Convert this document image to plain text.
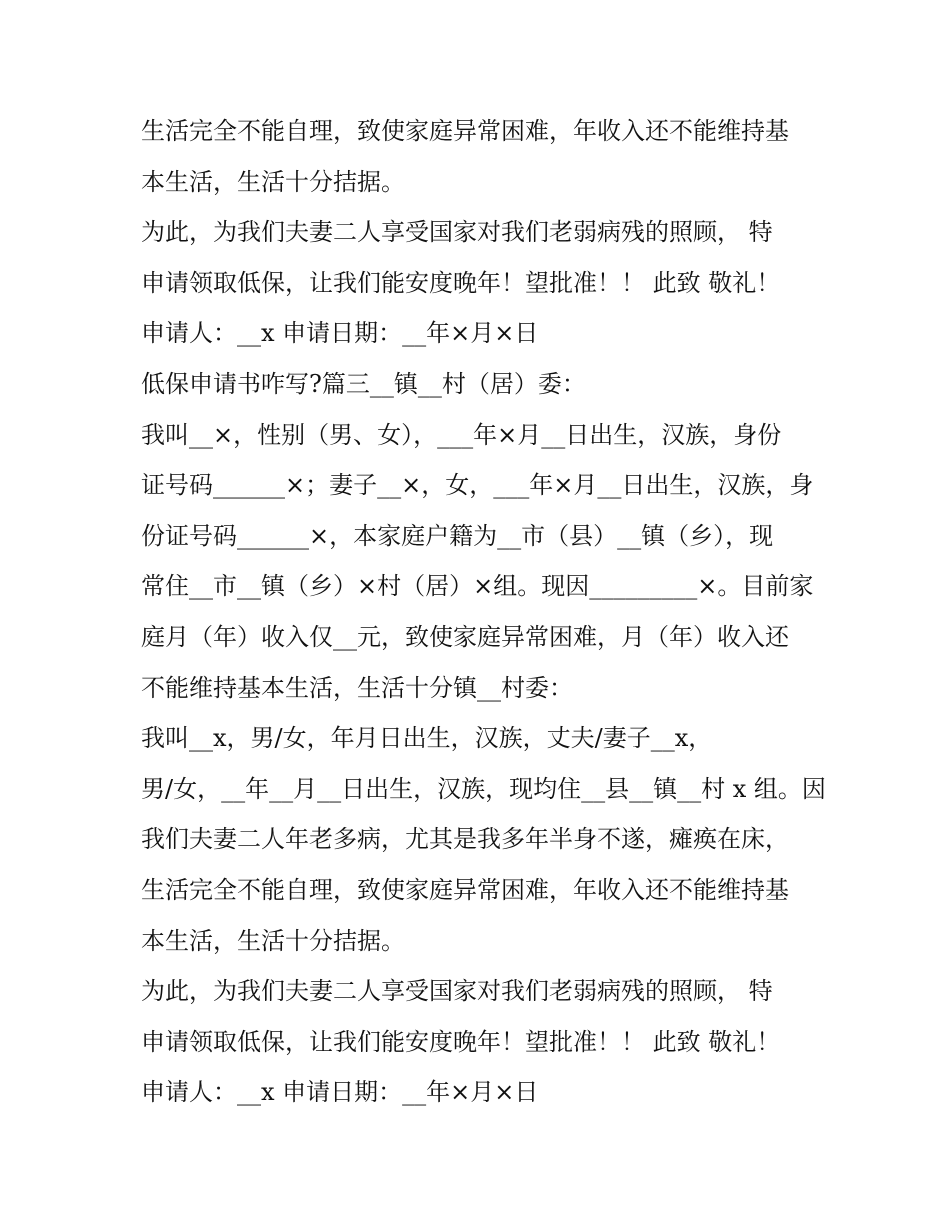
生活完全不能自理，致使家庭异常困难，年收入还不能维持基
本生活，生活十分拮据。
为此，为我们夫妻二人享受国家对我们老弱病残的照顾， 特
申请领取低保，让我们能安度晚年！望批准！！ 此致 敬礼！
申请人：__x 申请日期：__年×月×日
低保申请书咋写?篇三__镇__村（居）委：
我叫__×，性别（男、女），___年×月__日出生，汉族，身份
证号码______×；妻子__×，女，___年×月__日出生，汉族，身
份证号码______×，本家庭户籍为__市（县）__镇（乡），现
常住__市__镇（乡）×村（居）×组。现因_________×。目前家
庭月（年）收入仅__元，致使家庭异常困难，月（年）收入还
不能维持基本生活，生活十分镇__村委：
我叫__x，男/女，年月日出生，汉族，丈夫/妻子__x，
男/女，__年__月__日出生，汉族，现均住__县__镇__村 x 组。因
我们夫妻二人年老多病，尤其是我多年半身不遂，瘫痪在床，
生活完全不能自理，致使家庭异常困难，年收入还不能维持基
本生活，生活十分拮据。
为此，为我们夫妻二人享受国家对我们老弱病残的照顾， 特
申请领取低保，让我们能安度晚年！望批准！！ 此致 敬礼！
申请人：__x 申请日期：__年×月×日
